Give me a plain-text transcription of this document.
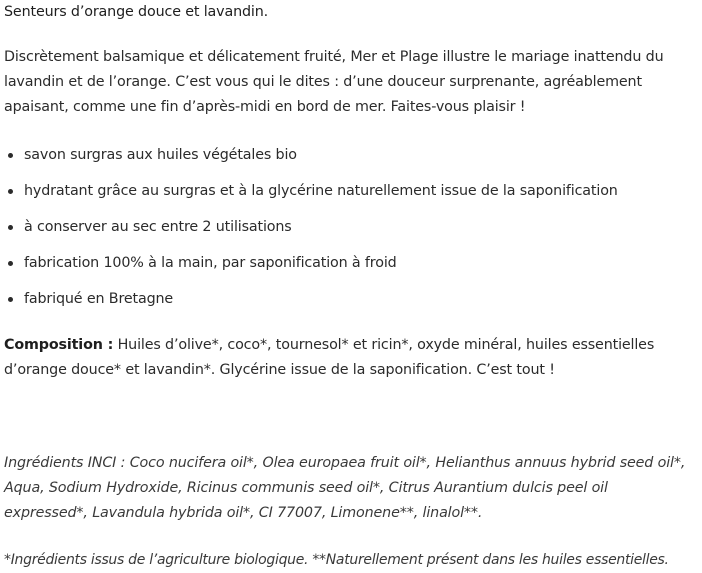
Senteurs d’orange douce et lavandin.

Discrètement balsamique et délicatement fruité, Mer et Plage illustre le mariage inattendu du lavandin et de l’orange. C’est vous qui le dites : d’une douceur surprenante, agréablement apaisant, comme une fin d’après-midi en bord de mer. Faites-vous plaisir !

savon surgras aux huiles végétales bio
hydratant grâce au surgras et à la glycérine naturellement issue de la saponification
à conserver au sec entre 2 utilisations
fabrication 100% à la main, par saponification à froid
fabriqué en Bretagne

Composition : Huiles d’olive*, coco*, tournesol* et ricin*, oxyde minéral, huiles essentielles d’orange douce* et lavandin*. Glycérine issue de la saponification. C’est tout !

Ingrédients INCI : Coco nucifera oil*, Olea europaea fruit oil*, Helianthus annuus hybrid seed oil*, Aqua, Sodium Hydroxide, Ricinus communis seed oil*, Citrus Aurantium dulcis peel oil expressed*, Lavandula hybrida oil*, CI 77007, Limonene**, linalol**.

*Ingrédients issus de l’agriculture biologique. **Naturellement présent dans les huiles essentielles.
